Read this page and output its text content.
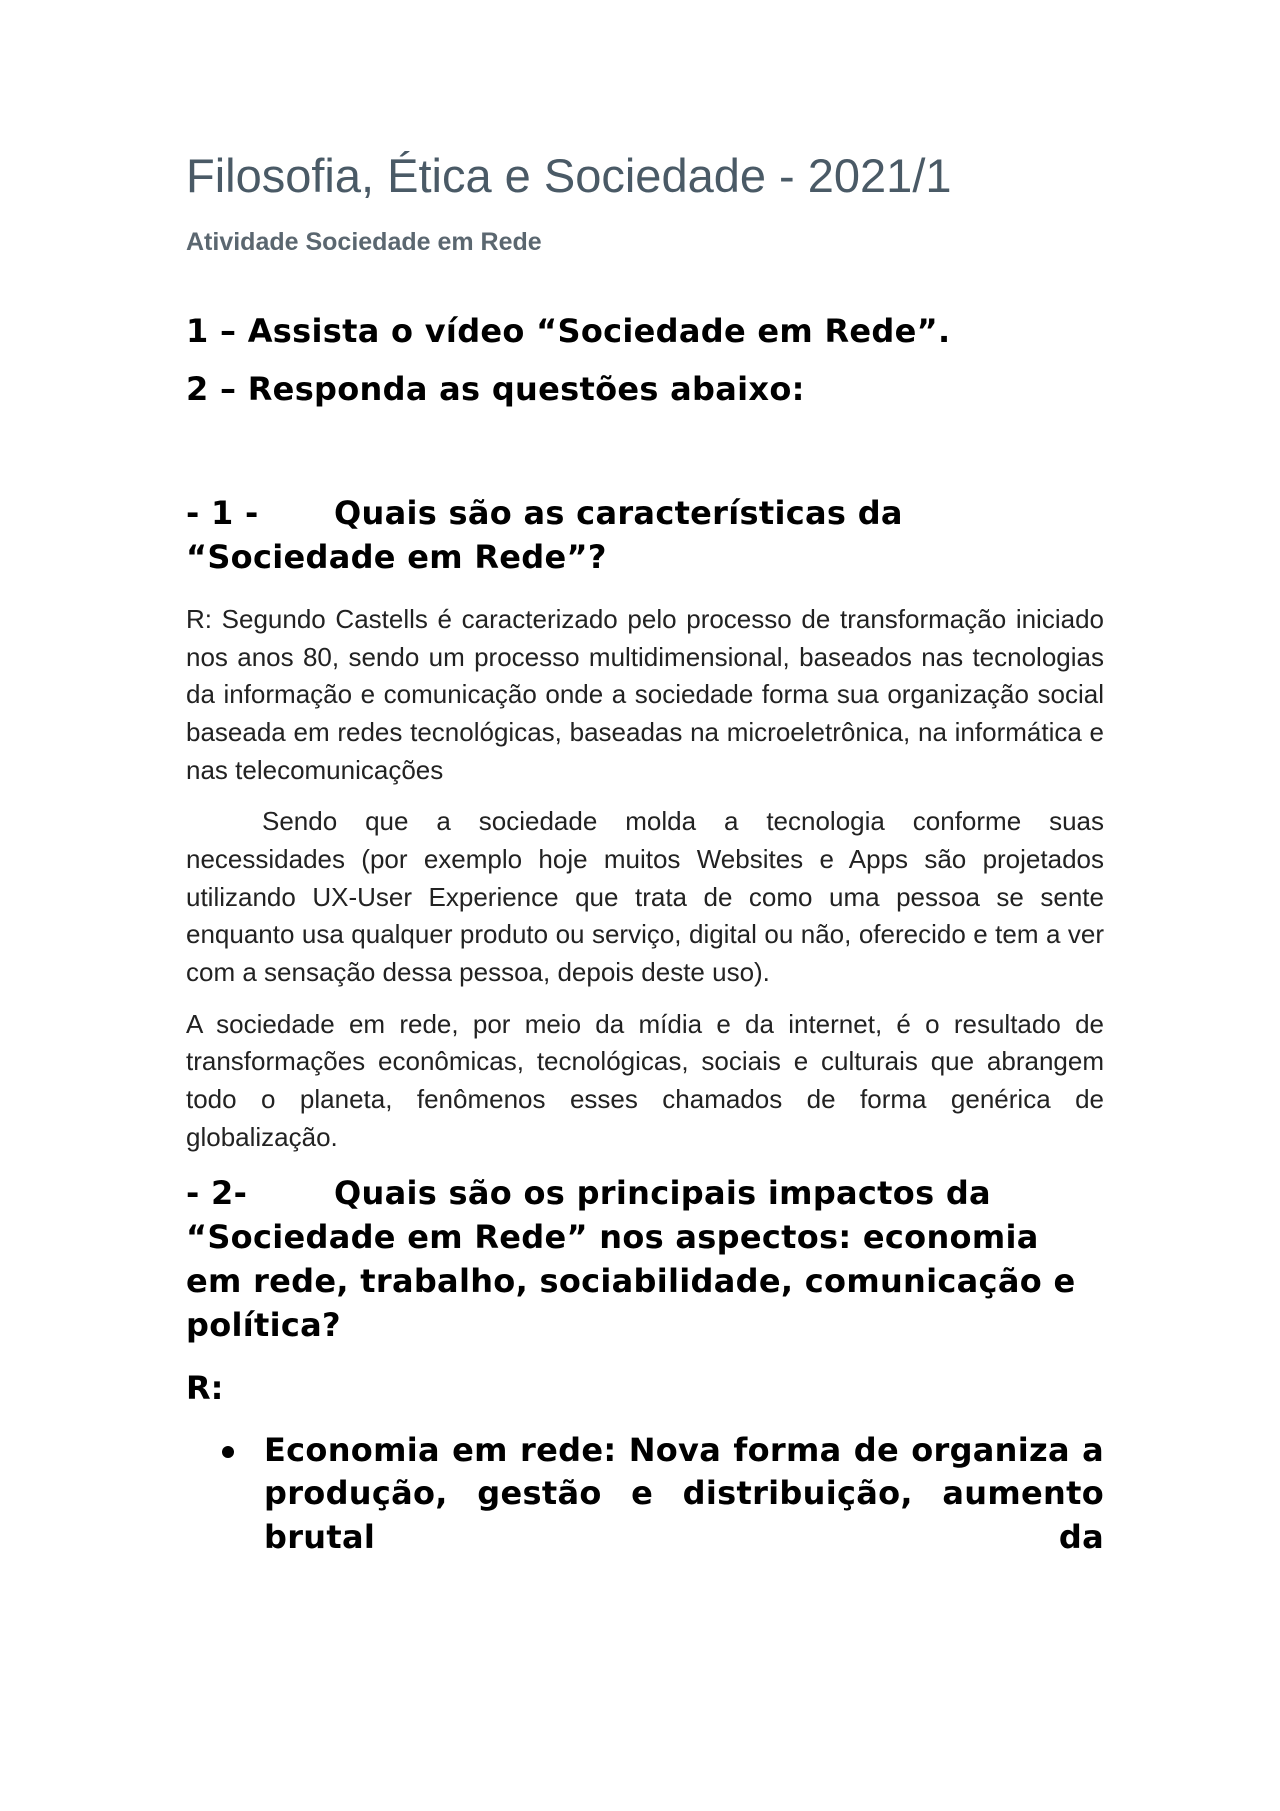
Filosofia, Ética e Sociedade - 2021/1
Atividade Sociedade em Rede

1 – Assista o vídeo “Sociedade em Rede”.

2 – Responda as questões abaixo:

- 1 - Quais são as características da “Sociedade em Rede”?

R: Segundo Castells é caracterizado pelo processo de transformação iniciado nos anos 80, sendo um processo multidimensional, baseados nas tecnologias da informação e comunicação onde a sociedade forma sua organização social baseada em redes tecnológicas, baseadas na microeletrônica, na informática e nas telecomunicações

Sendo que a sociedade molda a tecnologia conforme suas necessidades (por exemplo hoje muitos Websites e Apps são projetados utilizando UX-User Experience que trata de como uma pessoa se sente enquanto usa qualquer produto ou serviço, digital ou não, oferecido e tem a ver com a sensação dessa pessoa, depois deste uso).

A sociedade em rede, por meio da mídia e da internet, é o resultado de transformações econômicas, tecnológicas, sociais e culturais que abrangem todo o planeta, fenômenos esses chamados de forma genérica de globalização.

- 2-	Quais são os principais impactos da “Sociedade em Rede” nos aspectos: economia em rede, trabalho, sociabilidade, comunicação e política?

R:

Economia em rede: Nova forma de organiza a produção, gestão e distribuição, aumento brutal da
